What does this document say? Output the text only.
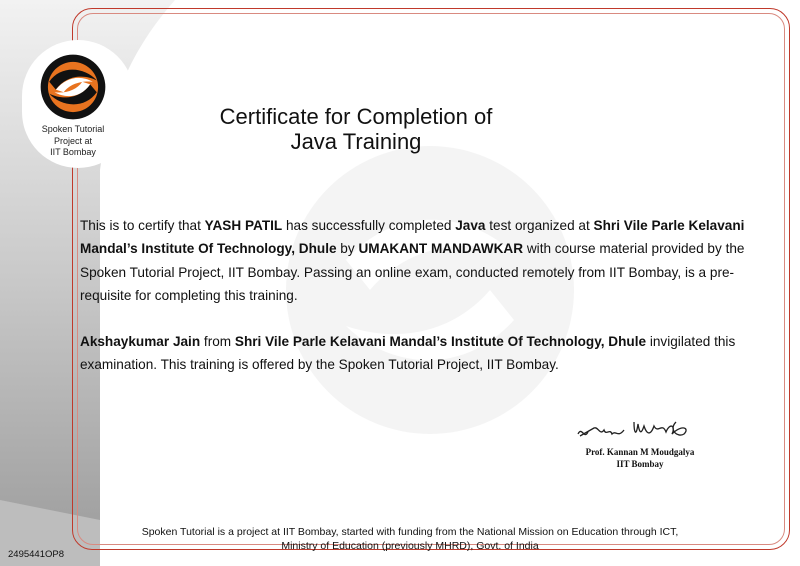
Spoken Tutorial
Project at
IIT Bombay
Certificate for Completion of
Java Training
This is to certify that YASH PATIL has successfully completed Java test organized at Shri Vile Parle Kelavani Mandal’s Institute Of Technology, Dhule by UMAKANT MANDAWKAR with course material provided by the Spoken Tutorial Project, IIT Bombay. Passing an online exam, conducted remotely from IIT Bombay, is a pre-requisite for completing this training.
Akshaykumar Jain from Shri Vile Parle Kelavani Mandal’s Institute Of Technology, Dhule invigilated this examination. This training is offered by the Spoken Tutorial Project, IIT Bombay.
Prof. Kannan M Moudgalya
IIT Bombay
Spoken Tutorial is a project at IIT Bombay, started with funding from the National Mission on Education through ICT,
Ministry of Education (previously MHRD), Govt. of India
2495441OP8
